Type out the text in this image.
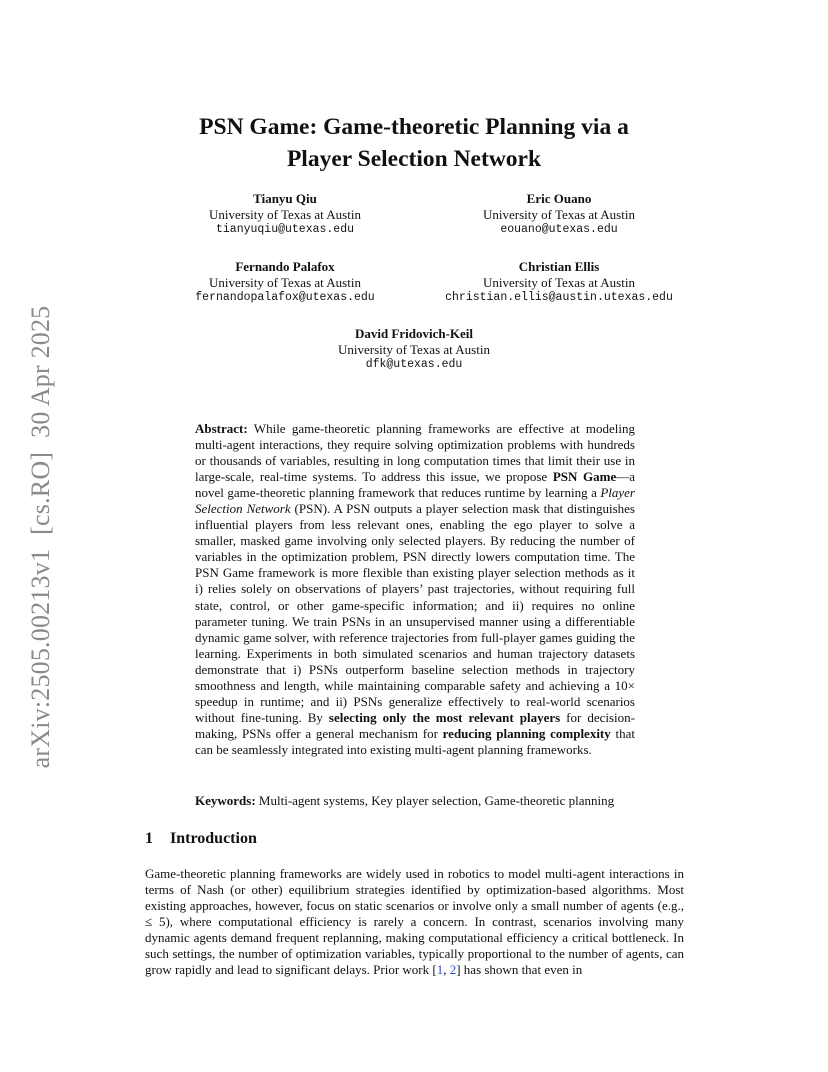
arXiv:2505.00213v1[cs.RO]30 Apr 2025
PSN Game: Game-theoretic Planning via a
Player Selection Network
Tianyu Qiu
University of Texas at Austin
tianyuqiu@utexas.edu
Eric Ouano
University of Texas at Austin
eouano@utexas.edu
Fernando Palafox
University of Texas at Austin
fernandopalafox@utexas.edu
Christian Ellis
University of Texas at Austin
christian.ellis@austin.utexas.edu
David Fridovich-Keil
University of Texas at Austin
dfk@utexas.edu
Abstract: While game-theoretic planning frameworks are effective at modeling multi-agent interactions, they require solving optimization problems with hundreds or thousands of variables, resulting in long computation times that limit their use in large-scale, real-time systems. To address this issue, we propose PSN Game—a novel game-theoretic planning framework that reduces runtime by learning a Player Selection Network (PSN). A PSN outputs a player selection mask that distinguishes influential players from less relevant ones, enabling the ego player to solve a smaller, masked game involving only selected players. By reducing the number of variables in the optimization problem, PSN directly lowers computation time. The PSN Game framework is more flexible than existing player selection methods as it i) relies solely on observations of players’ past trajectories, without requiring full state, control, or other game-specific information; and ii) requires no online parameter tuning. We train PSNs in an unsupervised manner using a differentiable dynamic game solver, with reference trajectories from full-player games guiding the learning. Experiments in both simulated scenarios and human trajectory datasets demonstrate that i) PSNs outperform baseline selection methods in trajectory smoothness and length, while maintaining comparable safety and achieving a 10× speedup in runtime; and ii) PSNs generalize effectively to real-world scenarios without fine-tuning. By selecting only the most relevant players for decision-making, PSNs offer a general mechanism for reducing planning complexity that can be seamlessly integrated into existing multi-agent planning frameworks.
Keywords: Multi-agent systems, Key player selection, Game-theoretic planning
1 Introduction
Game-theoretic planning frameworks are widely used in robotics to model multi-agent interactions in terms of Nash (or other) equilibrium strategies identified by optimization-based algorithms. Most existing approaches, however, focus on static scenarios or involve only a small number of agents (e.g., ≤ 5), where computational efficiency is rarely a concern. In contrast, scenarios involving many dynamic agents demand frequent replanning, making computational efficiency a critical bottleneck. In such settings, the number of optimization variables, typically proportional to the number of agents, can grow rapidly and lead to significant delays. Prior work [1, 2] has shown that even in
